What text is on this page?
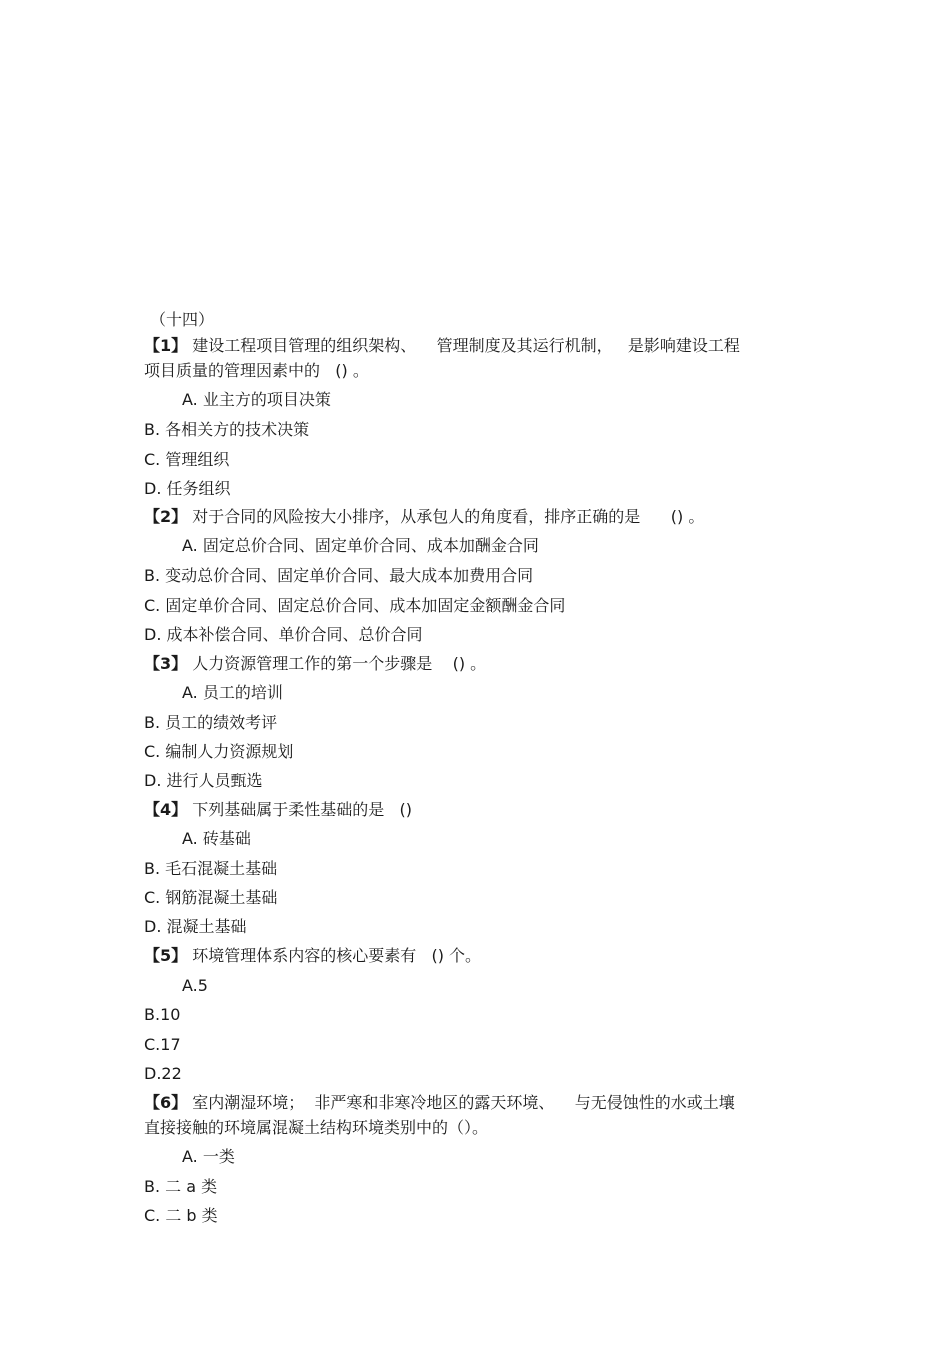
（十四）
【1】 建设工程项目管理的组织架构、    管理制度及其运行机制，   是影响建设工程
项目质量的管理因素中的   () 。
A. 业主方的项目决策
B. 各相关方的技术决策
C. 管理组织
D. 任务组织
【2】 对于合同的风险按大小排序，从承包人的角度看，排序正确的是      () 。
A. 固定总价合同、固定单价合同、成本加酬金合同
B. 变动总价合同、固定单价合同、最大成本加费用合同
C. 固定单价合同、固定总价合同、成本加固定金额酬金合同
D. 成本补偿合同、单价合同、总价合同
【3】 人力资源管理工作的第一个步骤是    () 。
A. 员工的培训
B. 员工的绩效考评
C. 编制人力资源规划
D. 进行人员甄选
【4】 下列基础属于柔性基础的是   ()
A. 砖基础
B. 毛石混凝土基础
C. 钢筋混凝土基础
D. 混凝土基础
【5】 环境管理体系内容的核心要素有   () 个。
A.5
B.10
C.17
D.22
【6】 室内潮湿环境；  非严寒和非寒冷地区的露天环境、    与无侵蚀性的水或土壤
直接接触的环境属混凝土结构环境类别中的（）。
A. 一类
B. 二 a 类
C. 二 b 类
